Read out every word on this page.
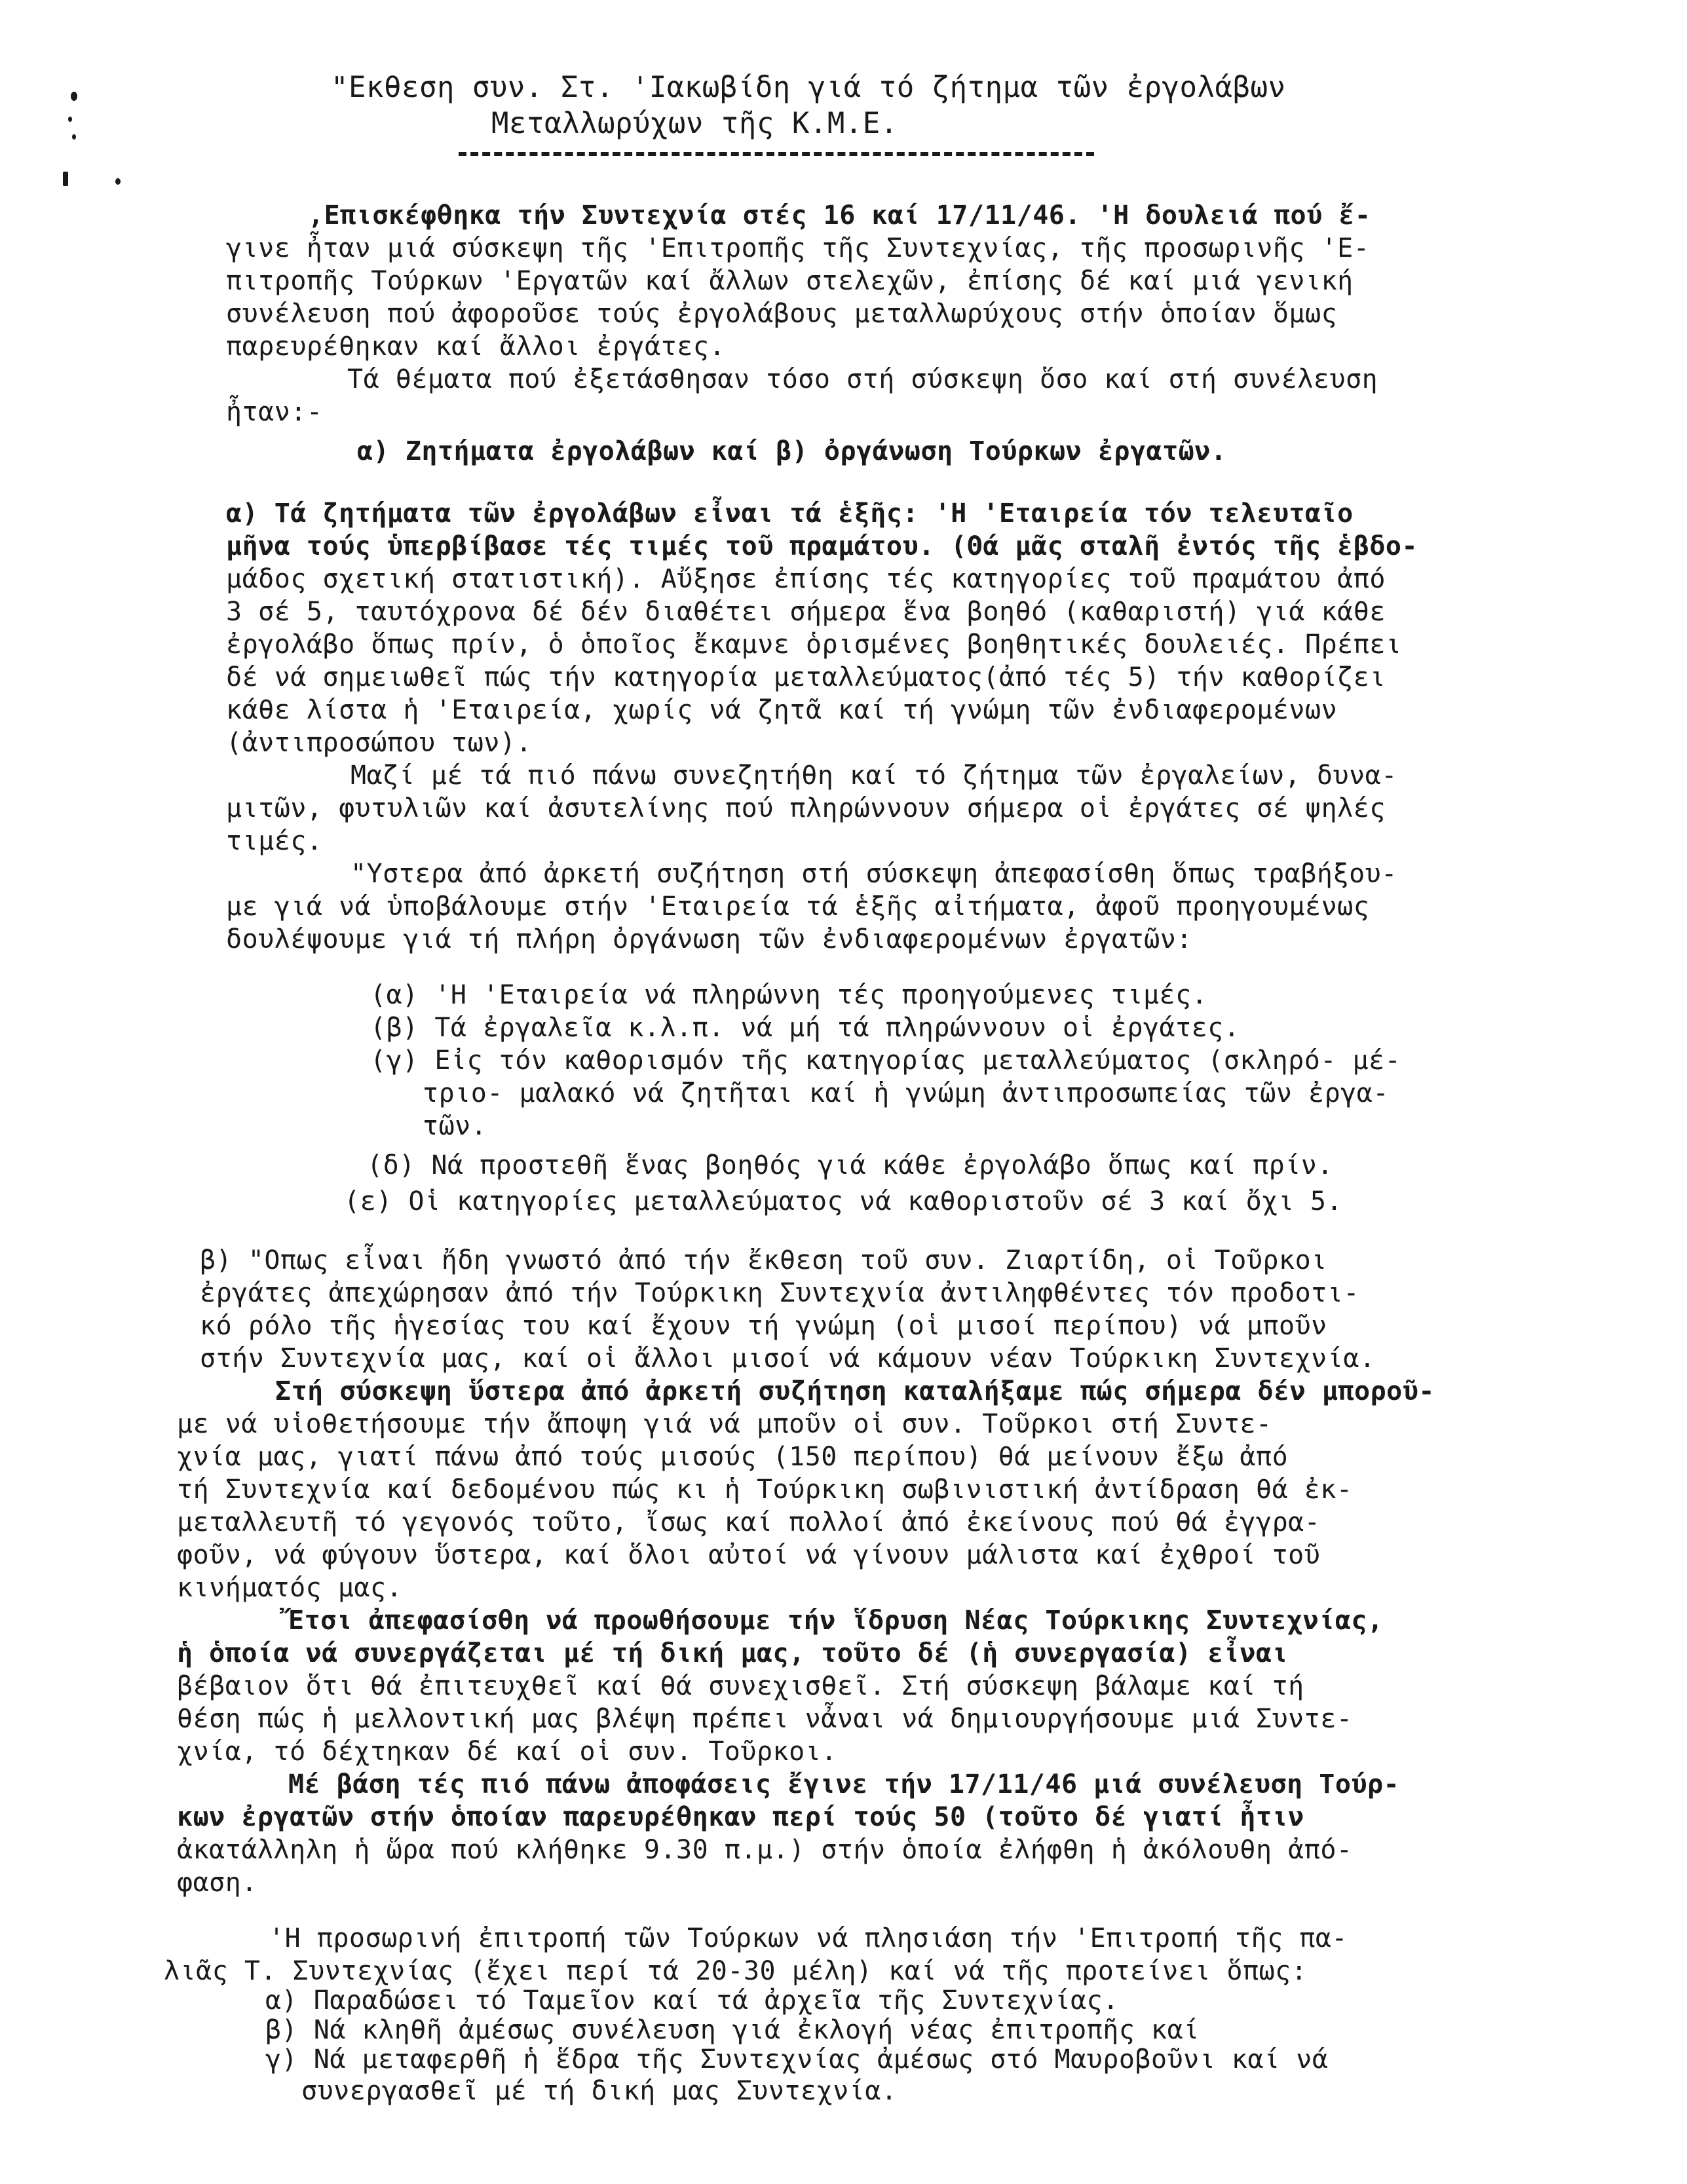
"Εκθεση συν. Στ. 'Ιακωβίδη γιά τό ζήτημα τῶν ἐργολάβων
Μεταλλωρύχων τῆς Κ.Μ.Ε.
,Επισκέφθηκα τήν Συντεχνία στές 16 καί 17/11/46. 'Η δουλειά πού ἔ-
γινε ἦταν μιά σύσκεψη τῆς 'Επιτροπῆς τῆς Συντεχνίας, τῆς προσωρινῆς 'Ε-
πιτροπῆς Τούρκων 'Εργατῶν καί ἄλλων στελεχῶν, ἐπίσης δέ καί μιά γενική
συνέλευση πού ἀφοροῦσε τούς ἐργολάβους μεταλλωρύχους στήν ὁποίαν ὅμως
παρευρέθηκαν καί ἄλλοι ἐργάτες.
Τά θέματα πού ἐξετάσθησαν τόσο στή σύσκεψη ὅσο καί στή συνέλευση
ἦταν:-
α) Ζητήματα ἐργολάβων καί β) ὀργάνωση Τούρκων ἐργατῶν.
α) Τά ζητήματα τῶν ἐργολάβων εἶναι τά ἑξῆς: 'Η 'Εταιρεία τόν τελευταῖο
μῆνα τούς ὑπερβίβασε τές τιμές τοῦ πραμάτου. (Θά μᾶς σταλῆ ἐντός τῆς ἑβδο-
μάδος σχετική στατιστική). Αὔξησε ἐπίσης τές κατηγορίες τοῦ πραμάτου ἀπό
3 σέ 5, ταυτόχρονα δέ δέν διαθέτει σήμερα ἕνα βοηθό (καθαριστή) γιά κάθε
ἐργολάβο ὅπως πρίν, ὁ ὁποῖος ἔκαμνε ὁρισμένες βοηθητικές δουλειές. Πρέπει
δέ νά σημειωθεῖ πώς τήν κατηγορία μεταλλεύματος(ἀπό τές 5) τήν καθορίζει
κάθε λίστα ἡ 'Εταιρεία, χωρίς νά ζητᾶ καί τή γνώμη τῶν ἐνδιαφερομένων
(ἀντιπροσώπου των).
Μαζί μέ τά πιό πάνω συνεζητήθη καί τό ζήτημα τῶν ἐργαλείων, δυνα-
μιτῶν, φυτυλιῶν καί ἀσυτελίνης πού πληρώννουν σήμερα οἱ ἐργάτες σέ ψηλές
τιμές.
"Υστερα ἀπό ἀρκετή συζήτηση στή σύσκεψη ἀπεφασίσθη ὅπως τραβήξου-
με γιά νά ὑποβάλουμε στήν 'Εταιρεία τά ἑξῆς αἰτήματα, ἀφοῦ προηγουμένως
δουλέψουμε γιά τή πλήρη ὀργάνωση τῶν ἐνδιαφερομένων ἐργατῶν:
(α) 'Η 'Εταιρεία νά πληρώννη τές προηγούμενες τιμές.
(β) Τά ἐργαλεῖα κ.λ.π. νά μή τά πληρώννουν οἱ ἐργάτες.
(γ) Εἰς τόν καθορισμόν τῆς κατηγορίας μεταλλεύματος (σκληρό- μέ-
τριο- μαλακό νά ζητῆται καί ἡ γνώμη ἀντιπροσωπείας τῶν ἐργα-
τῶν.
(δ) Νά προστεθῆ ἕνας βοηθός γιά κάθε ἐργολάβο ὅπως καί πρίν.
(ε) Οἱ κατηγορίες μεταλλεύματος νά καθοριστοῦν σέ 3 καί ὄχι 5.
β) "Οπως εἶναι ἤδη γνωστό ἀπό τήν ἔκθεση τοῦ συν. Ζιαρτίδη, οἱ Τοῦρκοι
ἐργάτες ἀπεχώρησαν ἀπό τήν Τούρκικη Συντεχνία ἀντιληφθέντες τόν προδοτι-
κό ρόλο τῆς ἡγεσίας του καί ἔχουν τή γνώμη (οἱ μισοί περίπου) νά μποῦν
στήν Συντεχνία μας, καί οἱ ἄλλοι μισοί νά κάμουν νέαν Τούρκικη Συντεχνία.
Στή σύσκεψη ὕστερα ἀπό ἀρκετή συζήτηση καταλήξαμε πώς σήμερα δέν μποροῦ-
με νά υἱοθετήσουμε τήν ἄποψη γιά νά μποῦν οἱ συν. Τοῦρκοι στή Συντε-
χνία μας, γιατί πάνω ἀπό τούς μισούς (150 περίπου) θά μείνουν ἔξω ἀπό
τή Συντεχνία καί δεδομένου πώς κι ἡ Τούρκικη σωβινιστική ἀντίδραση θά ἐκ-
μεταλλευτῆ τό γεγονός τοῦτο, ἴσως καί πολλοί ἀπό ἐκείνους πού θά ἐγγρα-
φοῦν, νά φύγουν ὕστερα, καί ὅλοι αὐτοί νά γίνουν μάλιστα καί ἐχθροί τοῦ
κινήματός μας.
Ἔτσι ἀπεφασίσθη νά προωθήσουμε τήν ἵδρυση Νέας Τούρκικης Συντεχνίας,
ἡ ὁποία νά συνεργάζεται μέ τή δική μας, τοῦτο δέ (ἡ συνεργασία) εἶναι
βέβαιον ὅτι θά ἐπιτευχθεῖ καί θά συνεχισθεῖ. Στή σύσκεψη βάλαμε καί τή
θέση πώς ἡ μελλοντική μας βλέψη πρέπει νἆναι νά δημιουργήσουμε μιά Συντε-
χνία, τό δέχτηκαν δέ καί οἱ συν. Τοῦρκοι.
Μέ βάση τές πιό πάνω ἀποφάσεις ἔγινε τήν 17/11/46 μιά συνέλευση Τούρ-
κων ἐργατῶν στήν ὁποίαν παρευρέθηκαν περί τούς 50 (τοῦτο δέ γιατί ἦτιν
ἀκατάλληλη ἡ ὥρα πού κλήθηκε 9.30 π.μ.) στήν ὁποία ἐλήφθη ἡ ἀκόλουθη ἀπό-
φαση.
'Η προσωρινή ἐπιτροπή τῶν Τούρκων νά πλησιάση τήν 'Επιτροπή τῆς πα-
λιᾶς Τ. Συντεχνίας (ἔχει περί τά 20-30 μέλη) καί νά τῆς προτείνει ὅπως:
α) Παραδώσει τό Ταμεῖον καί τά ἀρχεῖα τῆς Συντεχνίας.
β) Νά κληθῆ ἀμέσως συνέλευση γιά ἐκλογή νέας ἐπιτροπῆς καί
γ) Νά μεταφερθῆ ἡ ἕδρα τῆς Συντεχνίας ἀμέσως στό Μαυροβοῦνι καί νά
συνεργασθεῖ μέ τή δική μας Συντεχνία.
